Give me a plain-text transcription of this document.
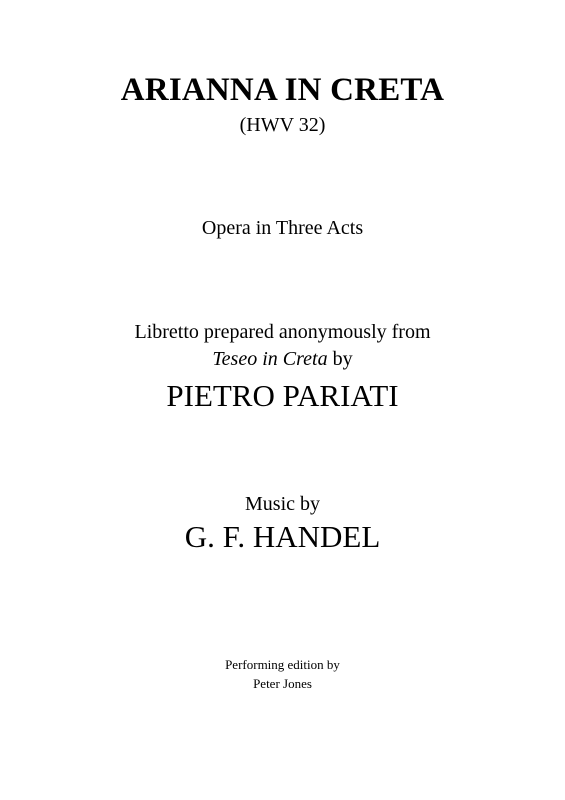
ARIANNA IN CRETA
(HWV 32)
Opera in Three Acts
Libretto prepared anonymously from
Teseo in Creta by
PIETRO PARIATI
Music by
G. F. HANDEL
Performing edition by
Peter Jones
